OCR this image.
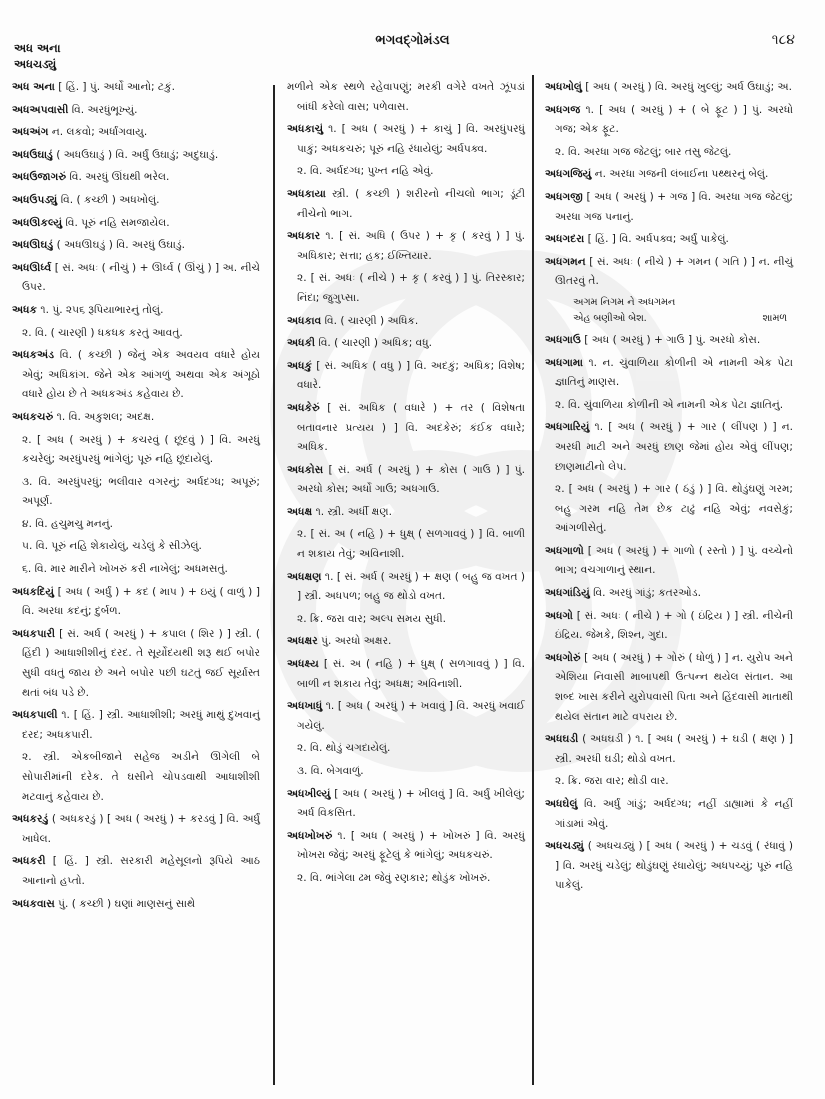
અધ અના
અધચડ્યું
ભગવદ્ગોમંડલ	૧૮૪
અધ અના [ હિં. ] પું. અર્ધો આનો; ટકું.
અધઅપવાસી વિ. અરધુંભૂખ્યું.
અધઅંગ ન. લકવો; અર્ધાંગવાયુ.
અધઉઘાડું ( અધઉઘાડું ) વિ. અર્ધું ઉઘાડું; અદુઘાડું.
અધઉજાગરું વિ. અરધું ઊંઘથી ભરેલ.
અધઉપડ્યું વિ. ( કચ્છી ) અધખોલું.
અધઊકલ્યું વિ. પૂરું નહિ સમજાયેલ.
અધઊઘડું ( અધઊઘડું ) વિ. અરધું ઉઘાડું.
અધઊર્ધ્વ [ સં. અધઃ ( નીચું ) + ઊર્ધ્વ ( ઊંચું ) ] અ. નીચે ઉપર.
અધક ૧. પું. ૨૫૬ રૂપિયાભારનું તોલું.
૨. વિ. ( ચારણી ) ધકધક કરતું આવતું.
અધકઅંડ વિ. ( કચ્છી ) જેનું એક અવયવ વધારે હોય એવું; અધિકાંગ. જેને એક આંગળું અથવા એક અંગૂઠો વધારે હોય છે તે અધકઅંડ કહેવાય છે.
અધકચરું ૧. વિ. અકુશલ; અદક્ષ.
૨. [ અધ ( અરધું ) + કચરવું ( છૂંદવું ) ] વિ. અરધું કચરેલું; અરધુંપરધું ભાંગેલું; પૂરું નહિ છૂંદાયેલું.
૩. વિ. અરધુંપરધું; ભલીવાર વગરનું; અર્ધદગ્ધ; અપૂરું; અપૂર્ણ.
૪. વિ. હચુમચુ મનનું.
૫. વિ. પૂરું નહિ શેકાયેલું, ચડેલું કે સીઝેલું.
૬. વિ. માર મારીને ખોખરું કરી નાખેલું; અધમસતું.
અધકદિયું [ અધ ( અર્ધું ) + કદ ( માપ ) + ઇયું ( વાળું ) ] વિ. અરધા કદનું; દુર્બળ.
અધકપારી [ સં. અર્ધ ( અરધું ) + કપાલ ( શિર ) ] સ્ત્રી. ( હિંદી ) આધાશીશીનું દરદ. તે સૂર્યોદયથી શરૂ થઈ બપોર સુધી વધતું જાય છે અને બપોર પછી ઘટતું જઈ સૂર્યાસ્ત થતાં બંધ પડે છે.
અધકપાલી ૧. [ હિં. ] સ્ત્રી. આધાશીશી; અરધું માથું દુખવાનું દરદ; અધકપારી.
૨. સ્ત્રી. એકબીજાને સહેજ અડીને ઊગેલી બે સોપારીમાંની દરેક. તે ઘસીને ચોપડવાથી આધાશીશી મટવાનું કહેવાય છે.
અધકરડું ( અધકરડું ) [ અધ ( અરધું ) + કરડવું ] વિ. અર્ધું ખાધેલ.
અધકરી [ હિં. ] સ્ત્રી. સરકારી મહેસૂલનો રૂપિયે આઠ આનાનો હપ્તો.
અધકવાસ પું. ( કચ્છી ) ઘણાં માણસનું સાથે
મળીને એક સ્થળે રહેવાપણું; મરકી વગેરે વખતે ઝૂંપડાં બાંધી કરેલો વાસ; પળેવાસ.
અધકાચું ૧. [ અધ ( અરધું ) + કાચું ] વિ. અરધુંપરધું પાકું; અધકચરું; પૂરું નહિ રંધાયેલું; અર્ધપક્વ.
૨. વિ. અર્ધદગ્ધ; પુખ્ત નહિ એવું.
અધકાયા સ્ત્રી. ( કચ્છી ) શરીરનો નીચલો ભાગ; ડૂંટી નીચેનો ભાગ.
અધકાર ૧. [ સં. અધિ ( ઉપર ) + કૃ ( કરવું ) ] પું. અધિકાર; સત્તા; હક; ઈખ્તિયાર.
૨. [ સં. અધઃ ( નીચે ) + કૃ ( કરવું ) ] પું. તિરસ્કાર; નિંદા; જુગુપ્સા.
અધકાવ વિ. ( ચારણી ) અધિક.
અધકી વિ. ( ચારણી ) અધિક; વધુ.
અધકું [ સં. અધિક ( વધુ ) ] વિ. અદકું; અધિક; વિશેષ; વધારે.
અધકેરું [ સં. અધિક ( વધારે ) + તર ( વિશેષતા બતાવનાર પ્રત્યય ) ] વિ. અદકેરું; કંઈક વધારે; અધિક.
અધકોસ [ સં. અર્ધ ( અરધું ) + કોસ ( ગાઉ ) ] પું. અરધો કોસ; અર્ધો ગાઉ; અધગાઉ.
અધક્ષ ૧. સ્ત્રી. અર્ધી ક્ષણ.
૨. [ સં. અ ( નહિ ) + ધુક્ષ્ ( સળગાવવું ) ] વિ. બાળી ન શકાય તેવું; અવિનાશી.
અધક્ષણ ૧. [ સં. અર્ધ ( અરધું ) + ક્ષણ ( બહુ જ વખત ) ] સ્ત્રી. અધપળ; બહુ જ થોડો વખત.
૨. ક્રિ. જરા વાર; અલ્પ સમય સુધી.
અધક્ષર પું. અરધો અક્ષર.
અધક્ષ્ય [ સં. અ ( નહિ ) + ધુક્ષ્ ( સળગાવવું ) ] વિ. બાળી ન શકાય તેવું; અધક્ષ; અવિનાશી.
અધખાધું ૧. [ અધ ( અરધું ) + ખવાવું ] વિ. અરધું ખવાઈ ગયેલું.
૨. વિ. થોડું ચગદાયેલું.
૩. વિ. બેગવાળું.
અધખીલ્યું [ અધ ( અરધું ) + ખીલવું ] વિ. અર્ધું ખીલેલું; અર્ધ વિકસિત.
અધખોખરું ૧. [ અધ ( અરધું ) + ખોખરું ] વિ. અરધું ખોખરા જેવું; અરધું ફૂટેલું કે ભાંગેલું; અધકચરું.
૨. વિ. ભાંગેલા ઢમ જેવું રણકાર; થોડુંક ખોખરું.
અધખોલું [ અધ ( અરધું ) વિ. અરધું ખુલ્લું; અર્ધ ઉઘાડું; અ.
અધગજ ૧. [ અધ ( અરધું ) + ( બે ફૂટ ) ] પું. અરધો ગજ; એક ફૂટ.
૨. વિ. અરધા ગજ જેટલું; બાર તસુ જેટલું.
અધગજિયું ન. અરધા ગજની લંબાઈના પથ્થરનું બેલું.
અધગજી [ અધ ( અરધું ) + ગજ ] વિ. અરધા ગજ જેટલું; અરધા ગજ પનાનું.
અધગદરા [ હિં. ] વિ. અર્ધપક્વ; અર્ધું પાકેલું.
અધગમન [ સં. અધઃ ( નીચે ) + ગમન ( ગતિ ) ] ન. નીચું ઊતરવું તે.
અગમ નિગમ ને અધગમન
શામળ
એહ બણીઓ બેશ.
અધગાઉ [ અધ ( અરધું ) + ગાઉ ] પું. અરધો કોસ.
અધગામા ૧. ન. ચુંવાળિયા કોળીની એ નામની એક પેટા જ્ઞાતિનું માણસ.
૨. વિ. ચુંવાળિયા કોળીની એ નામની એક પેટા જ્ઞાતિનું.
અધગારિયું ૧. [ અધ ( અરધું ) + ગાર ( લીંપણ ) ] ન. અરધી માટી અને અરધું છાણ જેમાં હોય એવું લીંપણ; છાણમાટીનો લેપ.
૨. [ અધ ( અરધું ) + ગાર ( ઠંડું ) ] વિ. થોડુંઘણું ગરમ; બહુ ગરમ નહિ તેમ છેક ટાઢું નહિ એવું; નવસેકું; આંગળીસેતું.
અધગાળો [ અધ ( અરધું ) + ગાળો ( રસ્તો ) ] પું. વચ્ચેનો ભાગ; વચગાળાનું સ્થાન.
અધગાંડિયું વિ. અરધું ગાંડું; કતરઓડ.
અધગો [ સં. અધઃ ( નીચે ) + ગો ( ઇંદ્રિય ) ] સ્ત્રી. નીચેની ઇંદ્રિય. જેમકે, શિશ્ન, ગુદા.
અધગોરું [ અધ ( અરધું ) + ગોરું ( ધોળું ) ] ન. યુરોપ અને એશિયા નિવાસી માબાપથી ઉત્પન્ન થયેલ સંતાન. આ શબ્દ ખાસ કરીને યુરોપવાસી પિતા અને હિંદવાસી માતાથી થયેલ સંતાન માટે વપરાય છે.
અધઘડી ( અધઘડી ) ૧. [ અધ ( અરધું ) + ઘડી ( ક્ષણ ) ] સ્ત્રી. અરધી ઘડી; થોડો વખત.
૨. ક્રિ. જરા વાર; થોડી વાર.
અધઘેલું વિ. અર્ધું ગાંડું; અર્ધદગ્ધ; નહીં ડાહ્યામાં કે નહીં ગાંડામાં એવું.
અધચડ્યું ( અધચડ્યું ) [ અધ ( અરધું ) + ચડવું ( રંધાવું ) ] વિ. અરધું ચડેલું; થોડુંઘણું રંધાયેલું; અધપચ્યું; પૂરું નહિ પાકેલું.
